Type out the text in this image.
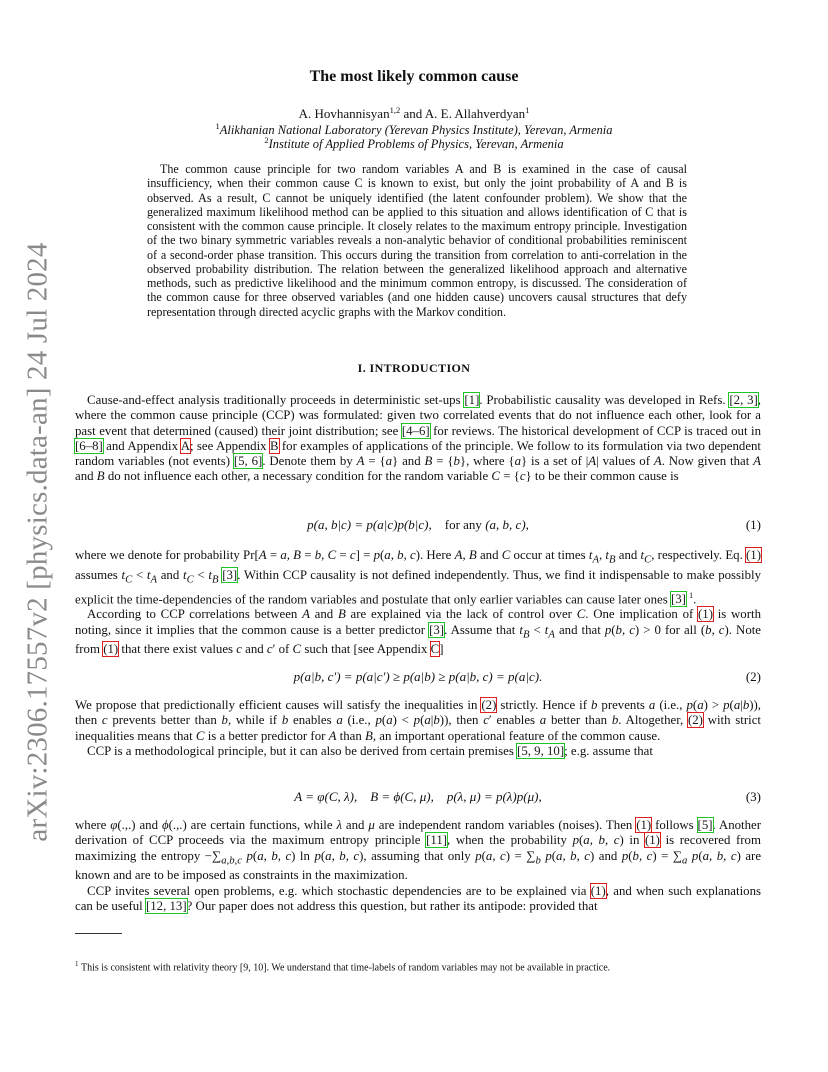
arXiv:2306.17557v2 [physics.data-an] 24 Jul 2024
The most likely common cause
A. Hovhannisyan$^{1,2}$ and A. E. Allahverdyan$^1$
$^1$Alikhanian National Laboratory (Yerevan Physics Institute), Yerevan, Armenia
$^2$Institute of Applied Problems of Physics, Yerevan, Armenia
The common cause principle for two random variables A and B is examined in the case of causal insufficiency, when their common cause C is known to exist, but only the joint probability of A and B is observed. As a result, C cannot be uniquely identified (the latent confounder problem). We show that the generalized maximum likelihood method can be applied to this situation and allows identification of C that is consistent with the common cause principle. It closely relates to the maximum entropy principle. Investigation of the two binary symmetric variables reveals a non-analytic behavior of conditional probabilities reminiscent of a second-order phase transition. This occurs during the transition from correlation to anti-correlation in the observed probability distribution. The relation between the generalized likelihood approach and alternative methods, such as predictive likelihood and the minimum common entropy, is discussed. The consideration of the common cause for three observed variables (and one hidden cause) uncovers causal structures that defy representation through directed acyclic graphs with the Markov condition.
I. INTRODUCTION
Cause-and-effect analysis traditionally proceeds in deterministic set-ups [1]. Probabilistic causality was developed in Refs. [2, 3], where the common cause principle (CCP) was formulated: given two correlated events that do not influence each other, look for a past event that determined (caused) their joint distribution; see [4–6] for reviews. The historical development of CCP is traced out in [6–8] and Appendix A; see Appendix B for examples of applications of the principle. We follow to its formulation via two dependent random variables (not events) [5, 6]. Denote them by A = {a} and B = {b}, where {a} is a set of |A| values of A. Now given that A and B do not influence each other, a necessary condition for the random variable C = {c} to be their common cause is
p(a, b|c) = p(a|c)p(b|c),    for any (a, b, c),	(1)
where we denote for probability Pr[A = a, B = b, C = c] = p(a, b, c). Here A, B and C occur at times $t_A$, $t_B$ and $t_C$, respectively. Eq. (1) assumes $t_C < t_A$ and $t_C < t_B$ [3]. Within CCP causality is not defined independently. Thus, we find it indispensable to make possibly explicit the time-dependencies of the random variables and postulate that only earlier variables can cause later ones [3] $^1$.
According to CCP correlations between A and B are explained via the lack of control over C. One implication of (1) is worth noting, since it implies that the common cause is a better predictor [3]. Assume that $t_B < t_A$ and that p(b, c) > 0 for all (b, c). Note from (1) that there exist values c and c′ of C such that [see Appendix C]
p(a|b, c′) = p(a|c′) ≥ p(a|b) ≥ p(a|b, c) = p(a|c).	(2)
We propose that predictionally efficient causes will satisfy the inequalities in (2) strictly. Hence if b prevents a (i.e., p(a) > p(a|b)), then c prevents better than b, while if b enables a (i.e., p(a) < p(a|b)), then c′ enables a better than b. Altogether, (2) with strict inequalities means that C is a better predictor for A than B, an important operational feature of the common cause.
CCP is a methodological principle, but it can also be derived from certain premises [5, 9, 10]; e.g. assume that
A = φ(C, λ),    B = ϕ(C, μ),    p(λ, μ) = p(λ)p(μ),	(3)
where φ(.,.) and ϕ(.,.) are certain functions, while λ and μ are independent random variables (noises). Then (1) follows [5]. Another derivation of CCP proceeds via the maximum entropy principle [11], when the probability p(a, b, c) in (1) is recovered from maximizing the entropy $-\sum_{a,b,c}$ p(a, b, c) ln p(a, b, c), assuming that only p(a, $c) = \sum_b$ p(a, b, c) and p(b, $c) = \sum_a$ p(a, b, c) are known and are to be imposed as constraints in the maximization.
CCP invites several open problems, e.g. which stochastic dependencies are to be explained via (1), and when such explanations can be useful [12, 13]? Our paper does not address this question, but rather its antipode: provided that
$^1$ This is consistent with relativity theory [9, 10]. We understand that time-labels of random variables may not be available in practice.
